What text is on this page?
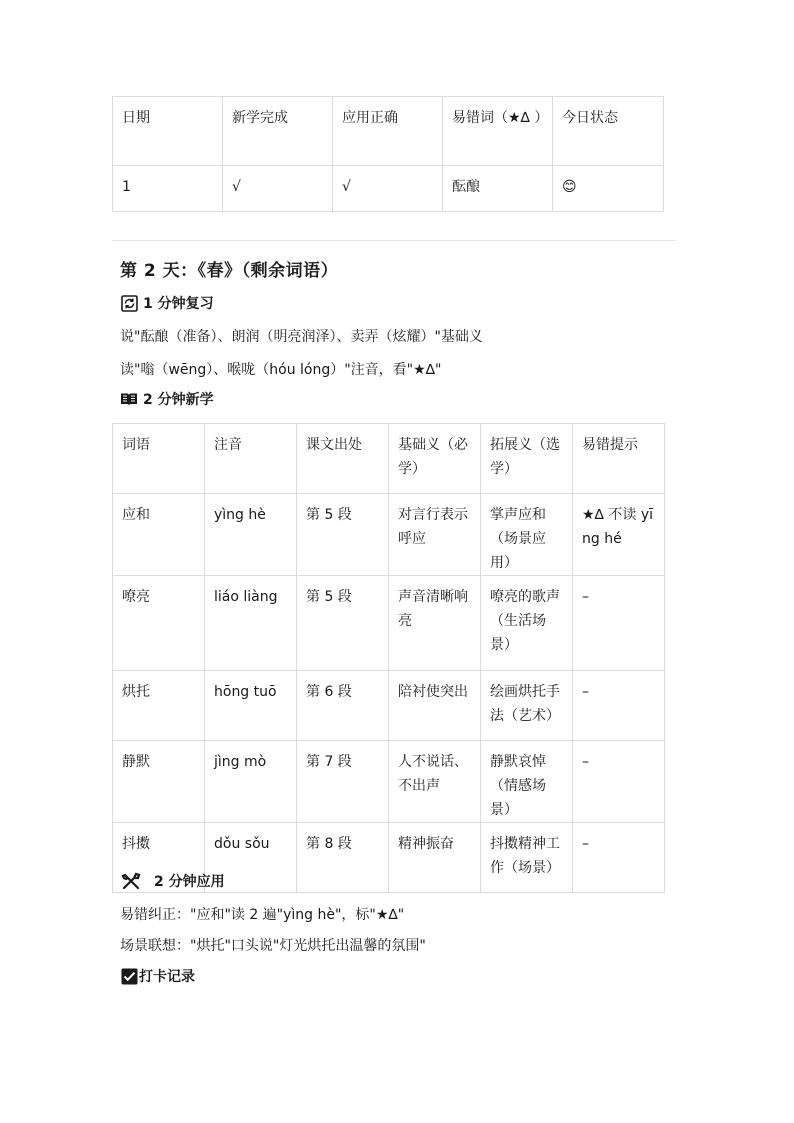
日期	新学完成	应用正确	易错词（★∆ ）	今日状态
1	√	√	酝酿	😊
第 2 天：《春》（剩余词语）
1 分钟复习
说"酝酿（准备）、朗润（明亮润泽）、卖弄（炫耀）"基础义
读"嗡（wēng）、喉咙（hóu lóng）"注音，看"★∆"
2 分钟新学
词语	注音	课文出处	基础义（必学）	拓展义（选学）	易错提示
应和	yìng hè	第 5 段	对言行表示呼应	掌声应和（场景应用）	★∆ 不读 yīng hé
嘹亮	liáo liàng	第 5 段	声音清晰响亮	嘹亮的歌声（生活场景）	–
烘托	hōng tuō	第 6 段	陪衬使突出	绘画烘托手法（艺术）	–
静默	jìng mò	第 7 段	人不说话、不出声	静默哀悼（情感场景）	–
抖擞	dǒu sǒu	第 8 段	精神振奋	抖擞精神工作（场景）	–
2 分钟应用
易错纠正："应和"读 2 遍"yìng hè"，标"★∆"
场景联想："烘托"口头说"灯光烘托出温馨的氛围"
打卡记录
